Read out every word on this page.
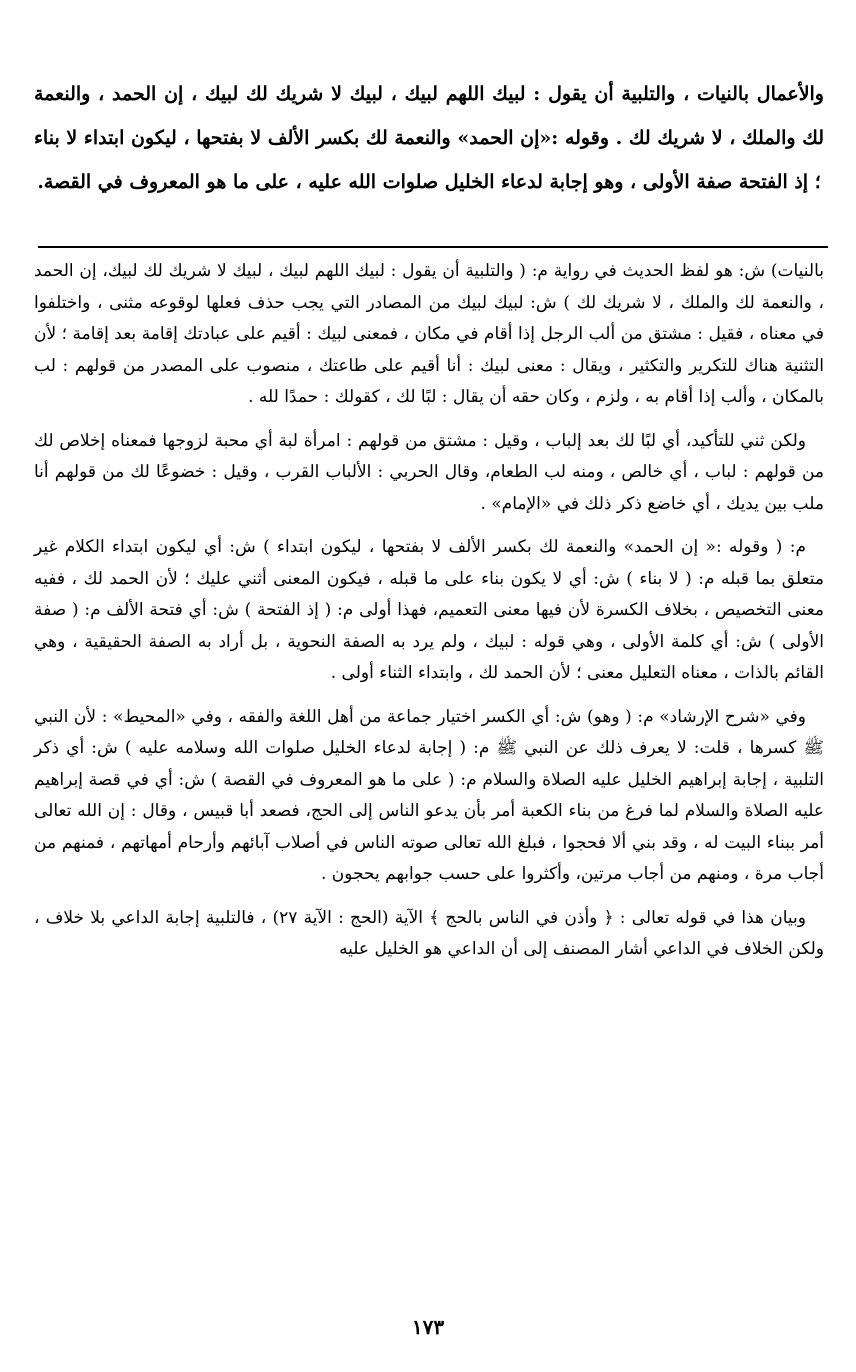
والأعمال بالنيات ، والتلبية أن يقول : لبيك اللهم لبيك ، لبيك لا شريك لك لبيك ، إن الحمد ، والنعمة لك والملك ، لا شريك لك . وقوله :«إن الحمد» والنعمة لك بكسر الألف لا بفتحها ، ليكون ابتداء لا بناء ؛ إذ الفتحة صفة الأولى ، وهو إجابة لدعاء الخليل صلوات الله عليه ، على ما هو المعروف في القصة.

بالنيات) ش: هو لفظ الحديث في رواية م: ( والتلبية أن يقول : لبيك اللهم لبيك ، لبيك لا شريك لك لبيك، إن الحمد ، والنعمة لك والملك ، لا شريك لك ) ش: لبيك لبيك من المصادر التي يجب حذف فعلها لوقوعه مثنى ، واختلفوا في معناه ، فقيل : مشتق من ألب الرجل إذا أقام في مكان ، فمعنى لبيك : أقيم على عبادتك إقامة بعد إقامة ؛ لأن التثنية هناك للتكرير والتكثير ، ويقال : معنى لبيك : أنا أقيم على طاعتك ، منصوب على المصدر من قولهم : لب بالمكان ، وألب إذا أقام به ، ولزم ، وكان حقه أن يقال : لبًا لك ، كقولك : حمدًا لله .

ولكن ثني للتأكيد، أي لبًا لك بعد إلباب ، وقيل : مشتق من قولهم : امرأة لبة أي محبة لزوجها فمعناه إخلاص لك من قولهم : لباب ، أي خالص ، ومنه لب الطعام، وقال الحربي : الألباب القرب ، وقيل : خضوعًا لك من قولهم أنا ملب بين يديك ، أي خاضع ذكر ذلك في «الإمام» .

م: ( وقوله :« إن الحمد» والنعمة لك بكسر الألف لا بفتحها ، ليكون ابتداء ) ش: أي ليكون ابتداء الكلام غير متعلق بما قبله م: ( لا بناء ) ش: أي لا يكون بناء على ما قبله ، فيكون المعنى أثني عليك ؛ لأن الحمد لك ، ففيه معنى التخصيص ، بخلاف الكسرة لأن فيها معنى التعميم، فهذا أولى م: ( إذ الفتحة ) ش: أي فتحة الألف م: ( صفة الأولى ) ش: أي كلمة الأولى ، وهي قوله : لبيك ، ولم يرد به الصفة النحوية ، بل أراد به الصفة الحقيقية ، وهي القائم بالذات ، معناه التعليل معنى ؛ لأن الحمد لك ، وابتداء الثناء أولى .

وفي «شرح الإرشاد» م: ( وهو) ش: أي الكسر اختيار جماعة من أهل اللغة والفقه ، وفي «المحيط» : لأن النبي ﷺ كسرها ، قلت: لا يعرف ذلك عن النبي ﷺ م: ( إجابة لدعاء الخليل صلوات الله وسلامه عليه ) ش: أي ذكر التلبية ، إجابة إبراهيم الخليل عليه الصلاة والسلام م: ( على ما هو المعروف في القصة ) ش: أي في قصة إبراهيم عليه الصلاة والسلام لما فرغ من بناء الكعبة أمر بأن يدعو الناس إلى الحج، فصعد أبا قبيس ، وقال : إن الله تعالى أمر ببناء البيت له ، وقد بني ألا فحجوا ، فبلغ الله تعالى صوته الناس في أصلاب آبائهم وأرحام أمهاتهم ، فمنهم من أجاب مرة ، ومنهم من أجاب مرتين، وأكثروا على حسب جوابهم يحجون .

وبيان هذا في قوله تعالى : ﴿ وأذن في الناس بالحج ﴾ الآية (الحج : الآية ٢٧) ، فالتلبية إجابة الداعي بلا خلاف ، ولكن الخلاف في الداعي أشار المصنف إلى أن الداعي هو الخليل عليه

١٧٣
